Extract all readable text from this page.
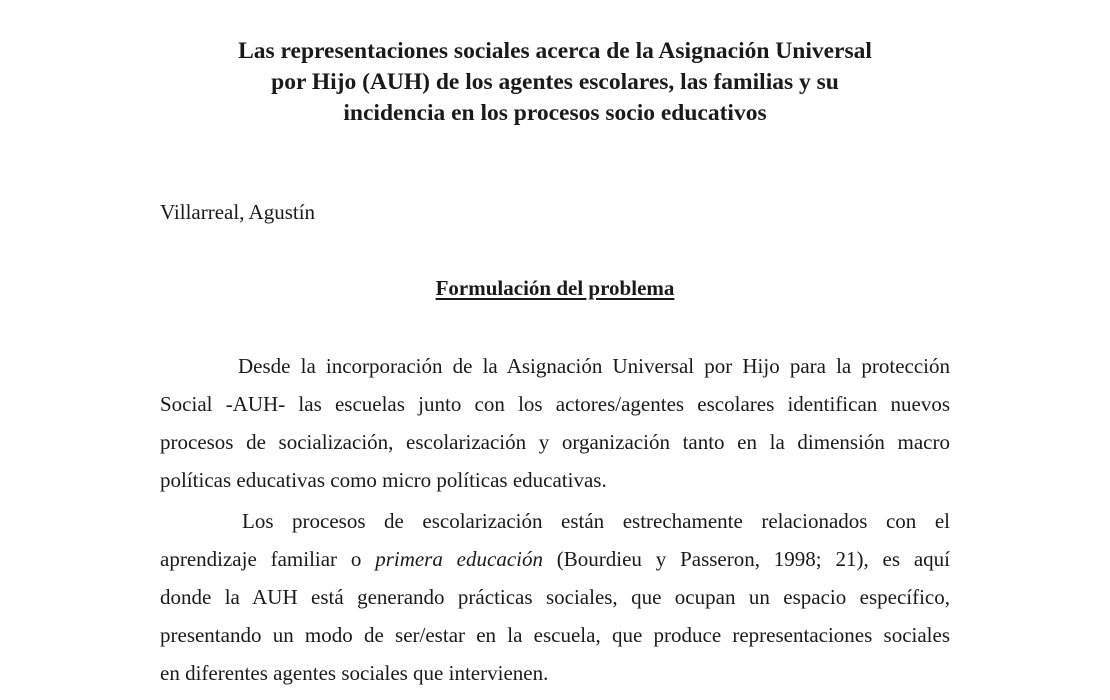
Las representaciones sociales acerca de la Asignación Universal
por Hijo (AUH) de los agentes escolares, las familias y su
incidencia en los procesos socio educativos
Villarreal, Agustín
Formulación del problema
Desde la incorporación de la Asignación Universal por Hijo para la protección
Social -AUH- las escuelas junto con los actores/agentes escolares identifican nuevos
procesos de socialización, escolarización y organización tanto en la dimensión macro
políticas educativas como micro políticas educativas.
Los procesos de escolarización están estrechamente relacionados con el
aprendizaje familiar o primera educación (Bourdieu y Passeron, 1998; 21), es aquí
donde la AUH está generando prácticas sociales, que ocupan un espacio específico,
presentando un modo de ser/estar en la escuela, que produce representaciones sociales
en diferentes agentes sociales que intervienen.
